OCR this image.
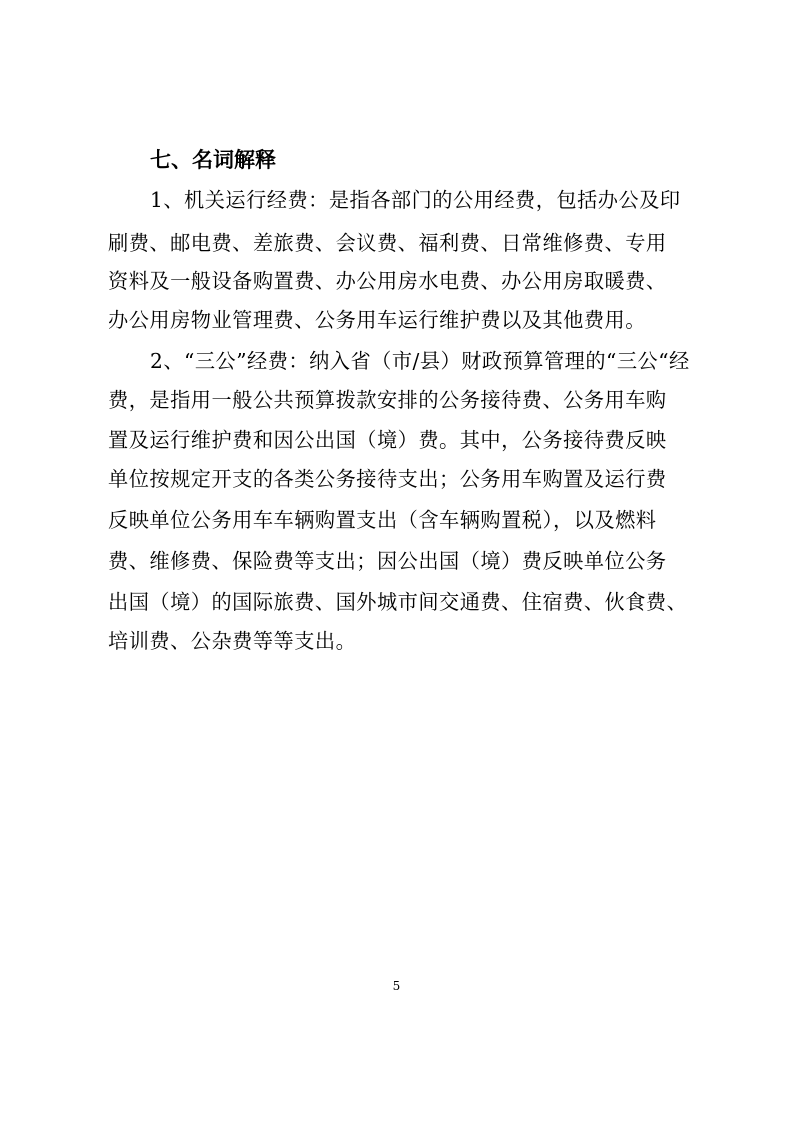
七、名词解释
1、机关运行经费：是指各部门的公用经费，包括办公及印
刷费、邮电费、差旅费、会议费、福利费、日常维修费、专用
资料及一般设备购置费、办公用房水电费、办公用房取暖费、
办公用房物业管理费、公务用车运行维护费以及其他费用。
2、“三公”经费：纳入省（市/县）财政预算管理的“三公“经
费，是指用一般公共预算拨款安排的公务接待费、公务用车购
置及运行维护费和因公出国（境）费。其中，公务接待费反映
单位按规定开支的各类公务接待支出；公务用车购置及运行费
反映单位公务用车车辆购置支出（含车辆购置税），以及燃料
费、维修费、保险费等支出；因公出国（境）费反映单位公务
出国（境）的国际旅费、国外城市间交通费、住宿费、伙食费、
培训费、公杂费等等支出。
5
